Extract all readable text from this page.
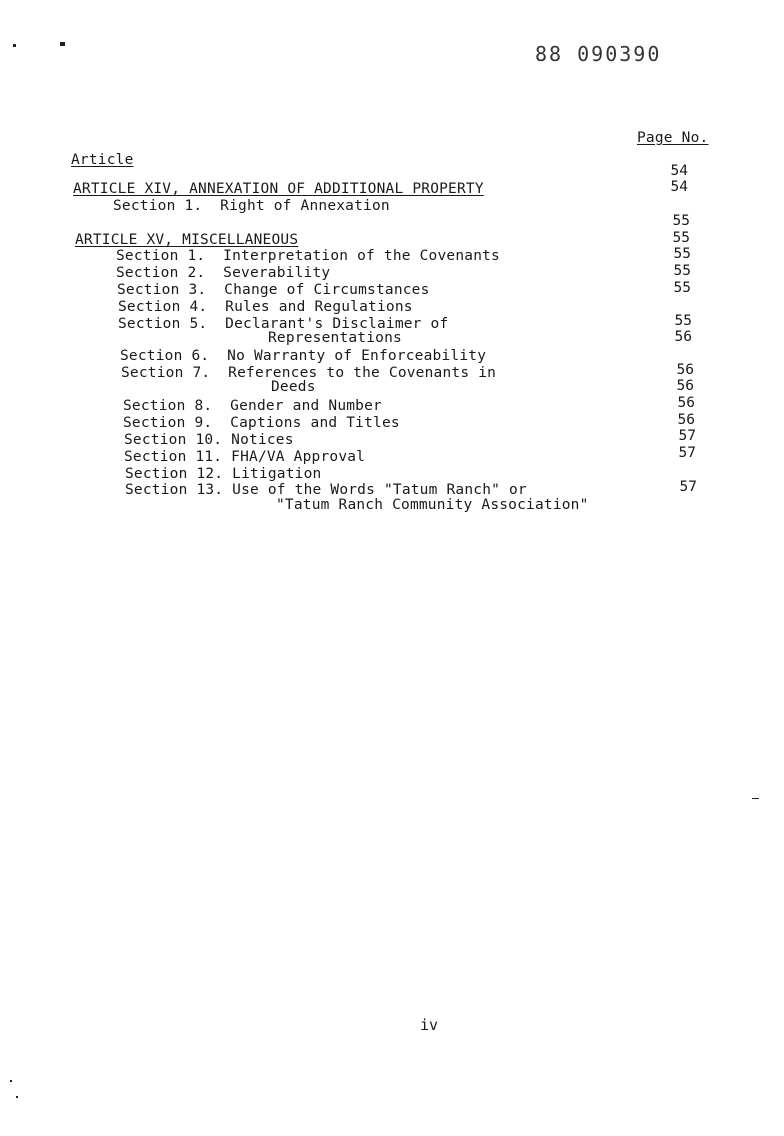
88 090390
Page No.
Article
ARTICLE XIV, ANNEXATION OF ADDITIONAL PROPERTY
Section 1.  Right of Annexation
ARTICLE XV, MISCELLANEOUS
Section 1.  Interpretation of the Covenants
Section 2.  Severability
Section 3.  Change of Circumstances
Section 4.  Rules and Regulations
Section 5.  Declarant's Disclaimer of
Representations
Section 6.  No Warranty of Enforceability
Section 7.  References to the Covenants in
Deeds
Section 8.  Gender and Number
Section 9.  Captions and Titles
Section 10. Notices
Section 11. FHA/VA Approval
Section 12. Litigation
Section 13. Use of the Words "Tatum Ranch" or
"Tatum Ranch Community Association"
54
54
55
55
55
55
55
55
56
56
56
56
56
57
57
57
iv
